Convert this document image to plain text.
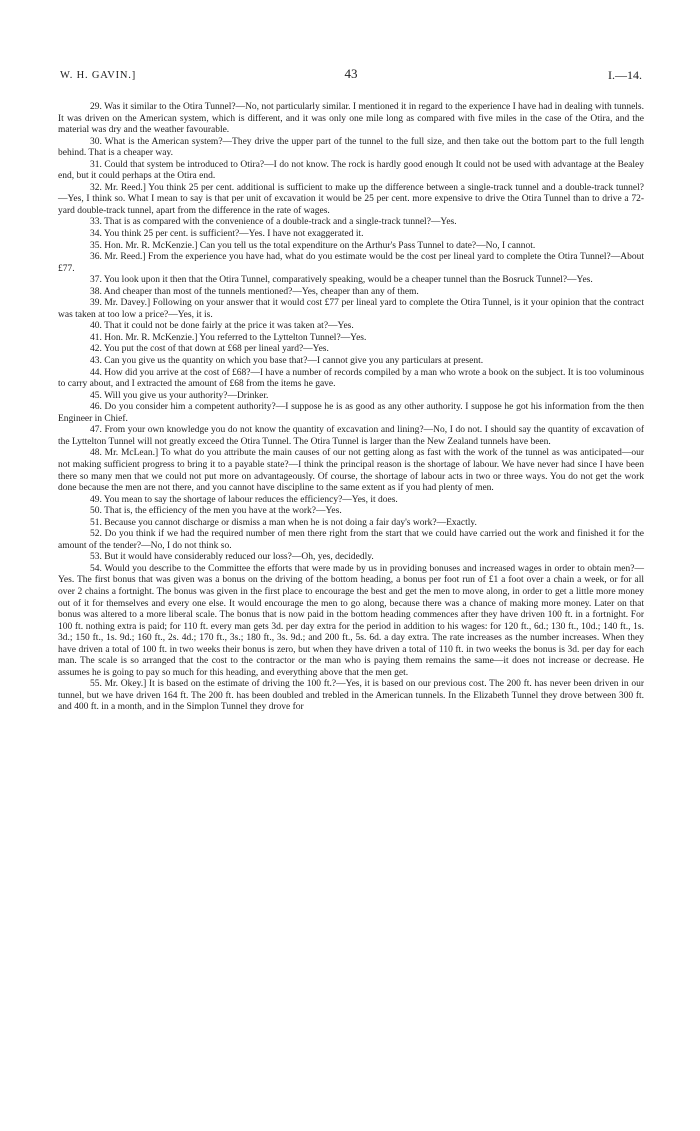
W. H. GAVIN.]	43	I.—14.

29. Was it similar to the Otira Tunnel?—No, not particularly similar. I mentioned it in regard to the experience I have had in dealing with tunnels. It was driven on the American system, which is different, and it was only one mile long as compared with five miles in the case of the Otira, and the material was dry and the weather favourable.

30. What is the American system?—They drive the upper part of the tunnel to the full size, and then take out the bottom part to the full length behind. That is a cheaper way.

31. Could that system be introduced to Otira?—I do not know. The rock is hardly good enough It could not be used with advantage at the Bealey end, but it could perhaps at the Otira end.

32. Mr. Reed.] You think 25 per cent. additional is sufficient to make up the difference between a single-track tunnel and a double-track tunnel?—Yes, I think so. What I mean to say is that per unit of excavation it would be 25 per cent. more expensive to drive the Otira Tunnel than to drive a 72-yard double-track tunnel, apart from the difference in the rate of wages.

33. That is as compared with the convenience of a double-track and a single-track tunnel?—Yes.

34. You think 25 per cent. is sufficient?—Yes. I have not exaggerated it.

35. Hon. Mr. R. McKenzie.] Can you tell us the total expenditure on the Arthur's Pass Tunnel to date?—No, I cannot.

36. Mr. Reed.] From the experience you have had, what do you estimate would be the cost per lineal yard to complete the Otira Tunnel?—About £77.

37. You look upon it then that the Otira Tunnel, comparatively speaking, would be a cheaper tunnel than the Bosruck Tunnel?—Yes.

38. And cheaper than most of the tunnels mentioned?—Yes, cheaper than any of them.

39. Mr. Davey.] Following on your answer that it would cost £77 per lineal yard to complete the Otira Tunnel, is it your opinion that the contract was taken at too low a price?—Yes, it is.

40. That it could not be done fairly at the price it was taken at?—Yes.

41. Hon. Mr. R. McKenzie.] You referred to the Lyttelton Tunnel?—Yes.

42. You put the cost of that down at £68 per lineal yard?—Yes.

43. Can you give us the quantity on which you base that?—I cannot give you any particulars at present.

44. How did you arrive at the cost of £68?—I have a number of records compiled by a man who wrote a book on the subject. It is too voluminous to carry about, and I extracted the amount of £68 from the items he gave.

45. Will you give us your authority?—Drinker.

46. Do you consider him a competent authority?—I suppose he is as good as any other authority. I suppose he got his information from the then Engineer in Chief.

47. From your own knowledge you do not know the quantity of excavation and lining?—No, I do not. I should say the quantity of excavation of the Lyttelton Tunnel will not greatly exceed the Otira Tunnel. The Otira Tunnel is larger than the New Zealand tunnels have been.

48. Mr. McLean.] To what do you attribute the main causes of our not getting along as fast with the work of the tunnel as was anticipated—our not making sufficient progress to bring it to a payable state?—I think the principal reason is the shortage of labour. We have never had since I have been there so many men that we could not put more on advantageously. Of course, the shortage of labour acts in two or three ways. You do not get the work done because the men are not there, and you cannot have discipline to the same extent as if you had plenty of men.

49. You mean to say the shortage of labour reduces the efficiency?—Yes, it does.

50. That is, the efficiency of the men you have at the work?—Yes.

51. Because you cannot discharge or dismiss a man when he is not doing a fair day's work?—Exactly.

52. Do you think if we had the required number of men there right from the start that we could have carried out the work and finished it for the amount of the tender?—No, I do not think so.

53. But it would have considerably reduced our loss?—Oh, yes, decidedly.

54. Would you describe to the Committee the efforts that were made by us in providing bonuses and increased wages in order to obtain men?—Yes. The first bonus that was given was a bonus on the driving of the bottom heading, a bonus per foot run of £1 a foot over a chain a week, or for all over 2 chains a fortnight. The bonus was given in the first place to encourage the best and get the men to move along, in order to get a little more money out of it for themselves and every one else. It would encourage the men to go along, because there was a chance of making more money. Later on that bonus was altered to a more liberal scale. The bonus that is now paid in the bottom heading commences after they have driven 100 ft. in a fortnight. For 100 ft. nothing extra is paid; for 110 ft. every man gets 3d. per day extra for the period in addition to his wages: for 120 ft., 6d.; 130 ft., 10d.; 140 ft., 1s. 3d.; 150 ft., 1s. 9d.; 160 ft., 2s. 4d.; 170 ft., 3s.; 180 ft., 3s. 9d.; and 200 ft., 5s. 6d. a day extra. The rate increases as the number increases. When they have driven a total of 100 ft. in two weeks their bonus is zero, but when they have driven a total of 110 ft. in two weeks the bonus is 3d. per day for each man. The scale is so arranged that the cost to the contractor or the man who is paying them remains the same—it does not increase or decrease. He assumes he is going to pay so much for this heading, and everything above that the men get.

55. Mr. Okey.] It is based on the estimate of driving the 100 ft.?—Yes, it is based on our previous cost. The 200 ft. has never been driven in our tunnel, but we have driven 164 ft. The 200 ft. has been doubled and trebled in the American tunnels. In the Elizabeth Tunnel they drove between 300 ft. and 400 ft. in a month, and in the Simplon Tunnel they drove for
